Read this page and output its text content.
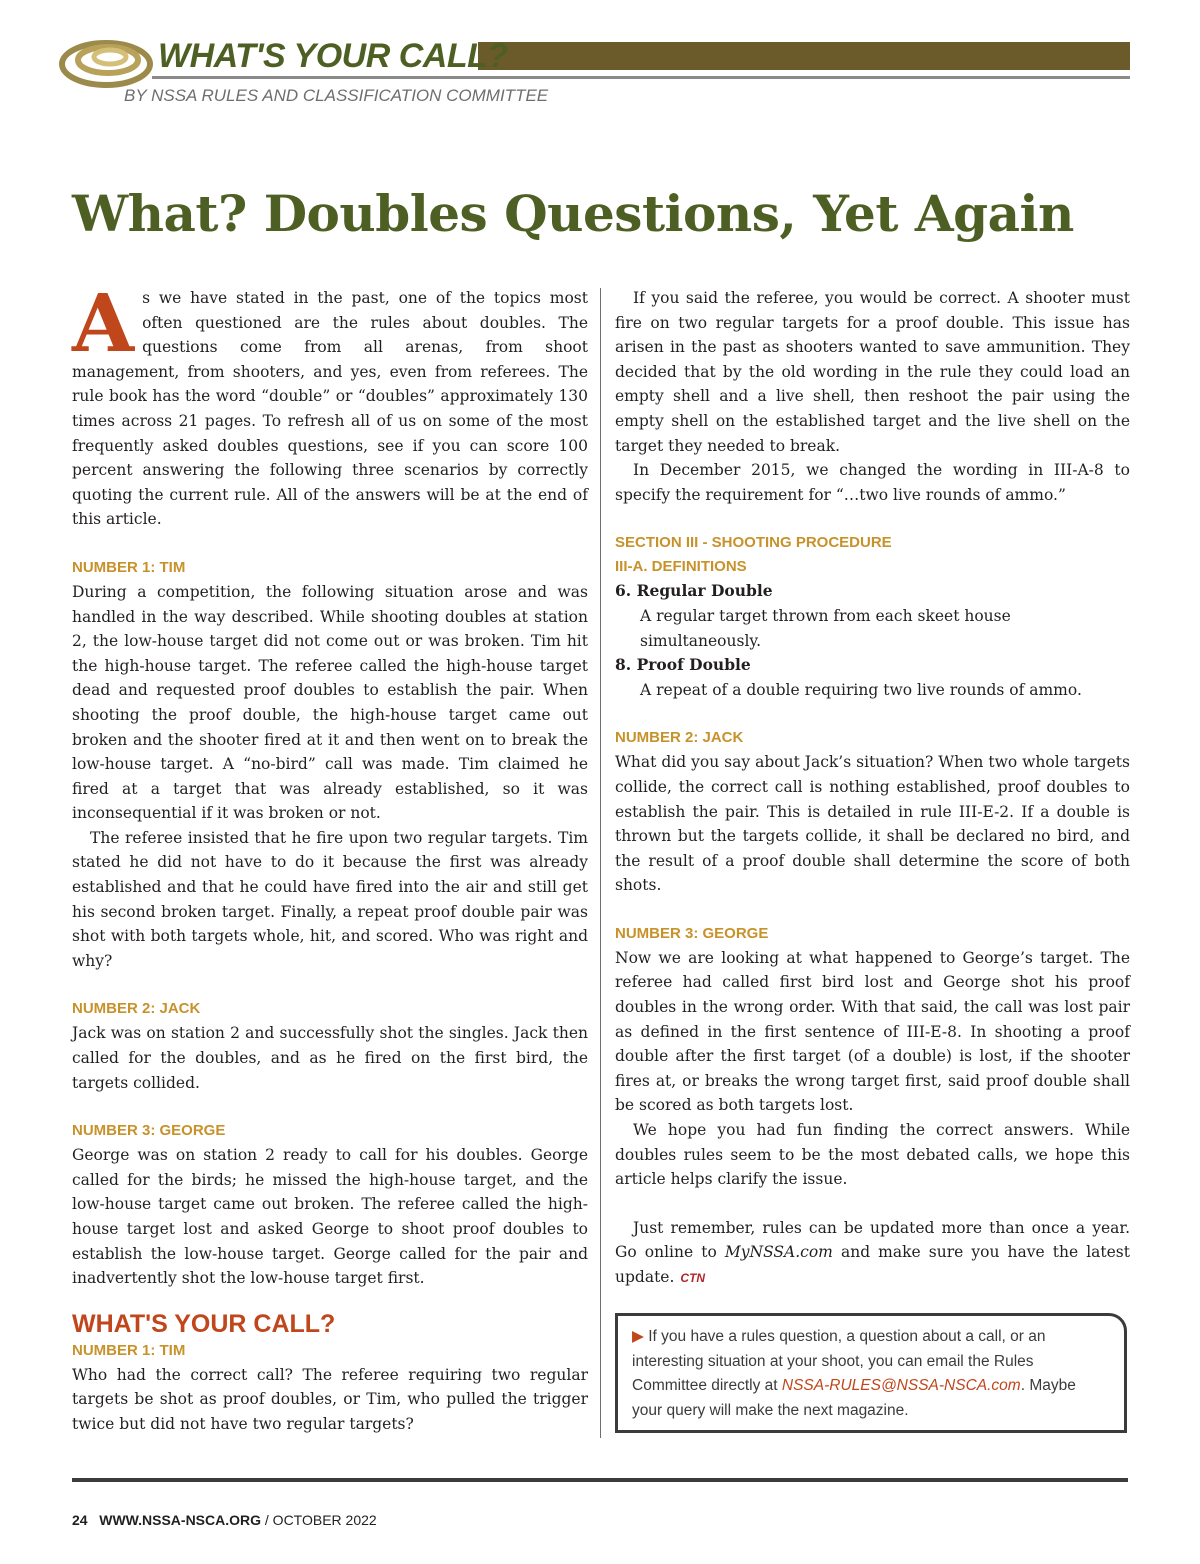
WHAT'S YOUR CALL?
BY NSSA RULES AND CLASSIFICATION COMMITTEE
What? Doubles Questions, Yet Again

As we have stated in the past, one of the topics most often questioned are the rules about doubles. The questions come from all arenas, from shoot management, from shooters, and yes, even from referees. The rule book has the word “double” or “doubles” approximately 130 times across 21 pages. To refresh all of us on some of the most frequently asked doubles questions, see if you can score 100 percent answering the following three scenarios by correctly quoting the current rule. All of the answers will be at the end of this article.

NUMBER 1: TIM

During a competition, the following situation arose and was handled in the way described. While shooting doubles at station 2, the low-house target did not come out or was broken. Tim hit the high-house target. The referee called the high-house target dead and requested proof doubles to establish the pair. When shooting the proof double, the high-house target came out broken and the shooter fired at it and then went on to break the low-house target. A “no-bird” call was made. Tim claimed he fired at a target that was already established, so it was inconsequential if it was broken or not.

The referee insisted that he fire upon two regular targets. Tim stated he did not have to do it because the first was already established and that he could have fired into the air and still get his second broken target. Finally, a repeat proof double pair was shot with both targets whole, hit, and scored. Who was right and why?

NUMBER 2: JACK

Jack was on station 2 and successfully shot the singles. Jack then called for the doubles, and as he fired on the first bird, the targets collided.

NUMBER 3: GEORGE

George was on station 2 ready to call for his doubles. George called for the birds; he missed the high-house target, and the low-house target came out broken. The referee called the high-house target lost and asked George to shoot proof doubles to establish the low-house target. George called for the pair and inadvertently shot the low-house target first.

WHAT'S YOUR CALL?
NUMBER 1: TIM

Who had the correct call? The referee requiring two regular targets be shot as proof doubles, or Tim, who pulled the trigger twice but did not have two regular targets?

If you said the referee, you would be correct. A shooter must fire on two regular targets for a proof double. This issue has arisen in the past as shooters wanted to save ammunition. They decided that by the old wording in the rule they could load an empty shell and a live shell, then reshoot the pair using the empty shell on the established target and the live shell on the target they needed to break.

In December 2015, we changed the wording in III-A-8 to specify the requirement for “…two live rounds of ammo.”

SECTION III - SHOOTING PROCEDURE
III-A. DEFINITIONS
6. Regular Double
A regular target thrown from each skeet house simultaneously.
8. Proof Double
A repeat of a double requiring two live rounds of ammo.
NUMBER 2: JACK

What did you say about Jack’s situation? When two whole targets collide, the correct call is nothing established, proof doubles to establish the pair. This is detailed in rule III-E-2. If a double is thrown but the targets collide, it shall be declared no bird, and the result of a proof double shall determine the score of both shots.

NUMBER 3: GEORGE

Now we are looking at what happened to George’s target. The referee had called first bird lost and George shot his proof doubles in the wrong order. With that said, the call was lost pair as defined in the first sentence of III-E-8. In shooting a proof double after the first target (of a double) is lost, if the shooter fires at, or breaks the wrong target first, said proof double shall be scored as both targets lost.

We hope you had fun finding the correct answers. While doubles rules seem to be the most debated calls, we hope this article helps clarify the issue.

Just remember, rules can be updated more than once a year. Go online to MyNSSA.com and make sure you have the latest update. CTN

▶ If you have a rules question, a question about a call, or an interesting situation at your shoot, you can email the Rules Committee directly at NSSA-RULES@NSSA-NSCA.com. Maybe your query will make the next magazine.
24 WWW.NSSA-NSCA.ORG / OCTOBER 2022
